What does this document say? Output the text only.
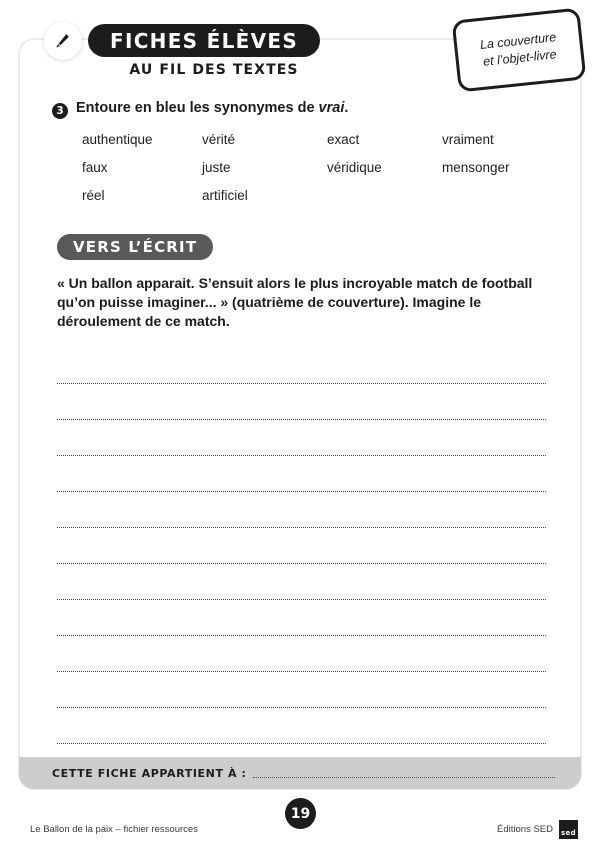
FICHES ÉLÈVES
AU FIL DES TEXTES
La couverture
et l’objet-livre
3 Entoure en bleu les synonymes de vrai.
authentique	vérité	exact	vraiment
faux	juste	véridique	mensonger
réel	artificiel
VERS L’ÉCRIT
« Un ballon apparait. S’ensuit alors le plus incroyable match de football qu’on puisse imaginer... » (quatrième de couverture). Imagine le déroulement de ce match.
CETTE FICHE APPARTIENT À :
19
Le Ballon de la paix – fichier ressources	Éditions SED sed
